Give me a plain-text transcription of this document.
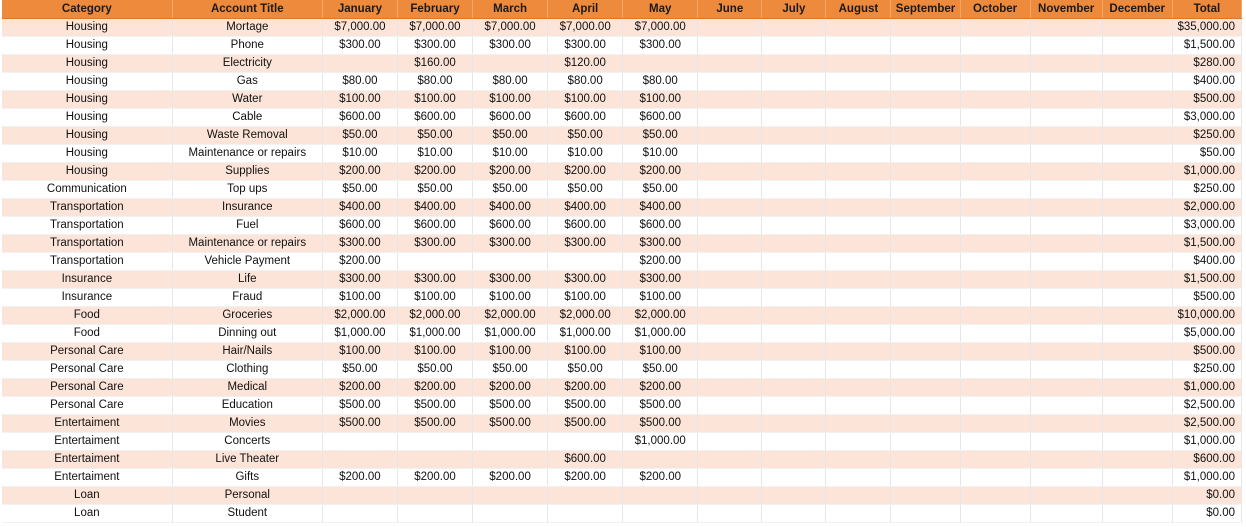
Category	Account Title	January	February	March	April	May	June	July	August	September	October	November	December	Total
Housing	Mortage	$7,000.00	$7,000.00	$7,000.00	$7,000.00	$7,000.00								$35,000.00
Housing	Phone	$300.00	$300.00	$300.00	$300.00	$300.00								$1,500.00
Housing	Electricity		$160.00		$120.00									$280.00
Housing	Gas	$80.00	$80.00	$80.00	$80.00	$80.00								$400.00
Housing	Water	$100.00	$100.00	$100.00	$100.00	$100.00								$500.00
Housing	Cable	$600.00	$600.00	$600.00	$600.00	$600.00								$3,000.00
Housing	Waste Removal	$50.00	$50.00	$50.00	$50.00	$50.00								$250.00
Housing	Maintenance or repairs	$10.00	$10.00	$10.00	$10.00	$10.00								$50.00
Housing	Supplies	$200.00	$200.00	$200.00	$200.00	$200.00								$1,000.00
Communication	Top ups	$50.00	$50.00	$50.00	$50.00	$50.00								$250.00
Transportation	Insurance	$400.00	$400.00	$400.00	$400.00	$400.00								$2,000.00
Transportation	Fuel	$600.00	$600.00	$600.00	$600.00	$600.00								$3,000.00
Transportation	Maintenance or repairs	$300.00	$300.00	$300.00	$300.00	$300.00								$1,500.00
Transportation	Vehicle Payment	$200.00				$200.00								$400.00
Insurance	Life	$300.00	$300.00	$300.00	$300.00	$300.00								$1,500.00
Insurance	Fraud	$100.00	$100.00	$100.00	$100.00	$100.00								$500.00
Food	Groceries	$2,000.00	$2,000.00	$2,000.00	$2,000.00	$2,000.00								$10,000.00
Food	Dinning out	$1,000.00	$1,000.00	$1,000.00	$1,000.00	$1,000.00								$5,000.00
Personal Care	Hair/Nails	$100.00	$100.00	$100.00	$100.00	$100.00								$500.00
Personal Care	Clothing	$50.00	$50.00	$50.00	$50.00	$50.00								$250.00
Personal Care	Medical	$200.00	$200.00	$200.00	$200.00	$200.00								$1,000.00
Personal Care	Education	$500.00	$500.00	$500.00	$500.00	$500.00								$2,500.00
Entertaiment	Movies	$500.00	$500.00	$500.00	$500.00	$500.00								$2,500.00
Entertaiment	Concerts					$1,000.00								$1,000.00
Entertaiment	Live Theater				$600.00									$600.00
Entertaiment	Gifts	$200.00	$200.00	$200.00	$200.00	$200.00								$1,000.00
Loan	Personal													$0.00
Loan	Student													$0.00
